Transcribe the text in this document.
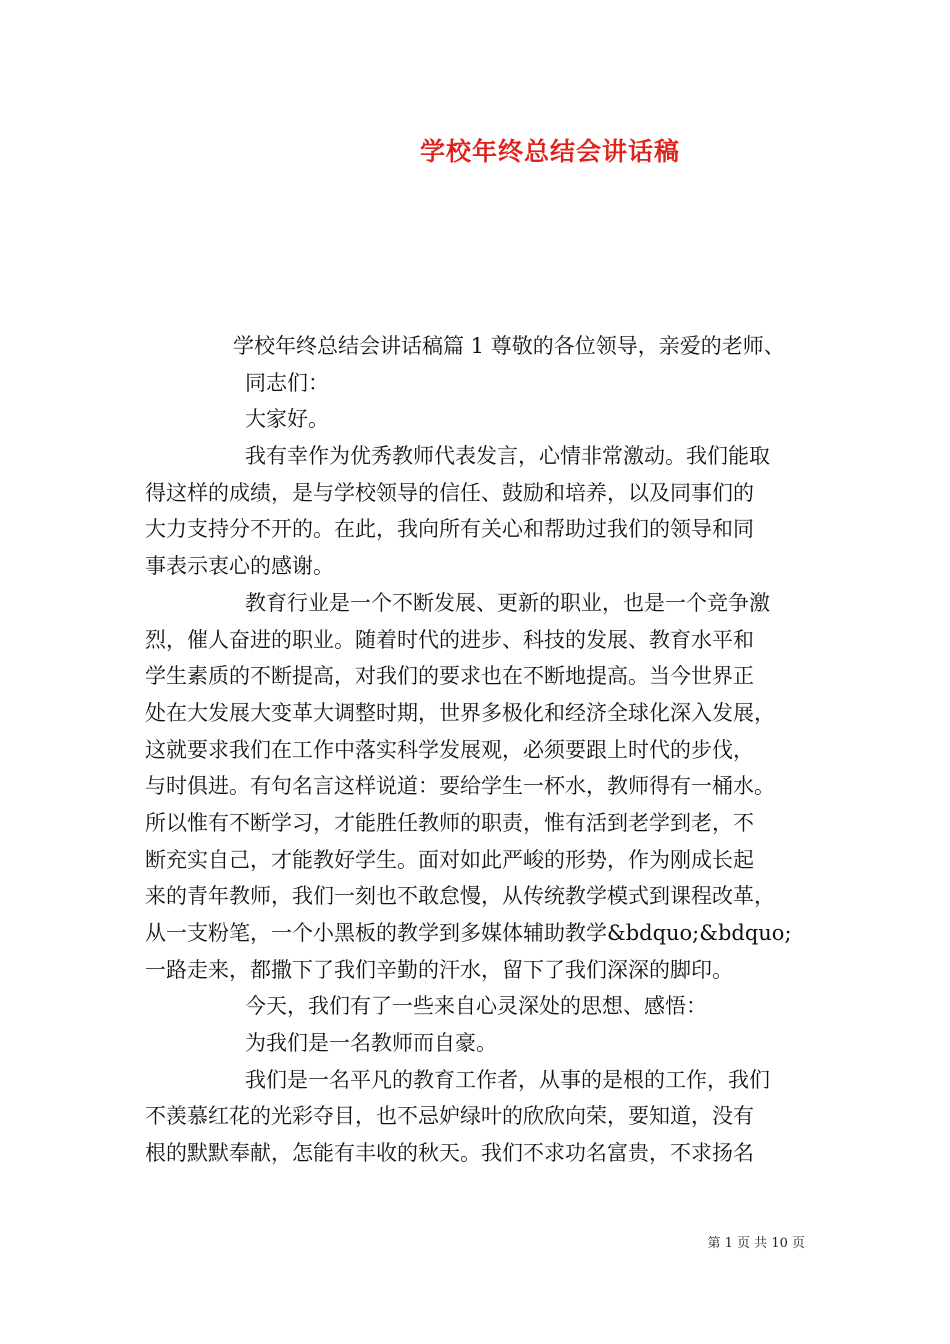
学校年终总结会讲话稿
学校年终总结会讲话稿篇 1 尊敬的各位领导，亲爱的老师、
同志们：
大家好。
我有幸作为优秀教师代表发言，心情非常激动。我们能取
得这样的成绩，是与学校领导的信任、鼓励和培养，以及同事们的
大力支持分不开的。在此，我向所有关心和帮助过我们的领导和同
事表示衷心的感谢。
教育行业是一个不断发展、更新的职业，也是一个竞争激
烈，催人奋进的职业。随着时代的进步、科技的发展、教育水平和
学生素质的不断提高，对我们的要求也在不断地提高。当今世界正
处在大发展大变革大调整时期，世界多极化和经济全球化深入发展，
这就要求我们在工作中落实科学发展观，必须要跟上时代的步伐，
与时俱进。有句名言这样说道：要给学生一杯水，教师得有一桶水。
所以惟有不断学习，才能胜任教师的职责，惟有活到老学到老，不
断充实自己，才能教好学生。面对如此严峻的形势，作为刚成长起
来的青年教师，我们一刻也不敢怠慢，从传统教学模式到课程改革，
从一支粉笔，一个小黑板的教学到多媒体辅助教学&bdquo;&bdquo;
一路走来，都撒下了我们辛勤的汗水，留下了我们深深的脚印。
今天，我们有了一些来自心灵深处的思想、感悟：
为我们是一名教师而自豪。
我们是一名平凡的教育工作者，从事的是根的工作，我们
不羡慕红花的光彩夺目，也不忌妒绿叶的欣欣向荣，要知道，没有
根的默默奉献，怎能有丰收的秋天。我们不求功名富贵，不求扬名
第 1 页 共 10 页
